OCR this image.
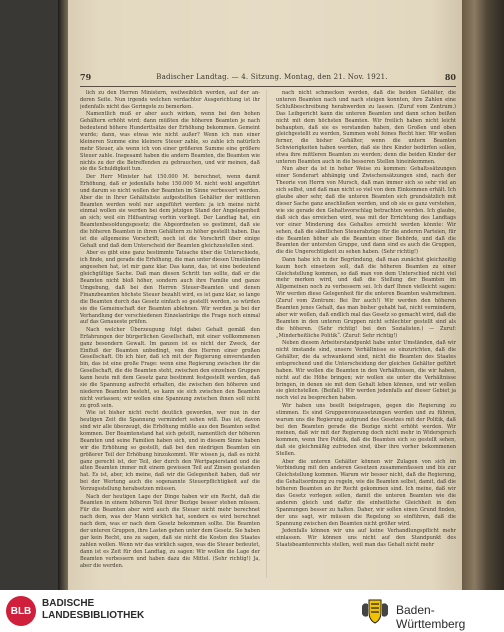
79	Badischer Landtag. — 4. Sitzung. Montag, den 21. Nov. 1921.	80

lich zu den Herren Ministern, weilweiblich werden, auf der an-deren Seite. Nun irgends welchen verdachter Ausgerichtung ist ihr jedenfalls nicht das Geringste zu bemerken.

Namentlich muß er aber auch wirken, wenn bei den hohen Gehältern erhöht wird; dann müßten die höheren Beamten je nach bedeutend höhere Hunderttsätze der Erhöhung bekommen. Gemeint wurde; dann, was etwas wie nicht außer? Wenn ich nun einer kleineren Summe eine kleinere Steuer zahle, so zahle ich natürlich mehr Steuer, als wenn ich von einer größeren Summe eine größere Steuer zahle. Insgesamt haben die andern Beamten, die Beamten wie nichts zu der die Betreffenden zu gebrauchen, und wir meinen, daß sie die Schuldigkeit tun.

Der Herr Minister hat 150.000 M. berechnet, wenn damit Erhöhung, daß er jedenfalls hohe 150.000 M. nicht wohl angeführt und darum so nicht wollen der Beamten im Sinne verbessert werden. Aber die in Ihrer Gehältsliste aufgestellten Gehälter der mittleren Beamten werden wohl nur angeführt werden: ja ich meine nicht einmal wollen sie werden bei dem jetzigen Stand der Angelegenheit an sich; weil ein Hilfsantrag vorhin vorliegt. Der Landtag hat, ein Beamtenbesoldungsgesetz; die Abgeordneten so gestimmt, daß sie die höheren Beamten in ihren Gehältern zu höher gestellt haben. Das ist die allgemeine Vorschrift; noch ist die Vorschrift über einige Gehalt und daß dem Unterscheid der Beamten gleichzustellen sind.

Aber es gibt eine ganz bestimmte Tatsache über die Unterschiede, ich finde, und gerade die Erhöhung, die man unter diesen Umständen angesehen hat, ist mir ganz klar. Das kann, das, ist eine bedeutend gleichgültige Sache. Daß man diesen Schritt tun sollte, daß er die Beamten nicht bloß höher, sondern auch ihre Familie und ganze Umgebung, daß bei den Herren Steuer-Beamten und denen Finanzbeamten höchste Steuer bezahlt wird, es ist ganz klar, so lange die Beamten durch das Gesetz einfach so gestellt werden, so würden sie die Gemeinschaft der Beamten ablehnen. Wir werden ja bei der Verhandlung der verschiedenen Einzelanträge die Frage noch einmal auf das Genaueste prüfen.

Nach welcher Überzeugung folgt dabei Gehalt gemäß den Erfahrungen der bürgerlichen Gesellschaft, mit einer vollkommenen ganz besondern Gewalt. Im ganzen ist es nicht der Zweck, der Einfluß der Beamten unbedingt, von den Herren einer großen Gesellschaft. Ob ich hier, daß ich mit der Regierung einverstanden bin, das ist eine große Frage: wenn eine Regierung zwischen ihr die Gesellschaft, die die Beamten steht, zwischen den einzelnen Gruppen kann heute mit dem Gesetz ganz bestimmt festgestellt werden, daß sie die Spannung aufrecht erhalten, die zwischen den höheren und niederen Beamten besteht, so kann sie sich zwischen den Beamten nicht verlassen; wir wollen eine Spannung zwischen ihnen soll nicht zu groß sein.

Wie ist bisher nicht recht deutlich geworden, wer nun in der heutigen Zeit die Spannung vermindert sehen will. Das ist, davon sind wir alle überzeugt, die Erhöhung müßte aus den Beamten selbst kommen. Der Beamtenstand hat sich geteilt, namentlich der höheren Beamten und seine Familien haben sich, und in diesem Sinne haben wir die Erhöhung so gestellt, daß bei den niedrigen Beamten ein größerer Teil der Erhöhung hinzukommt. Wir wissen ja, daß es nicht ganz gerecht ist, der Teil, der durch den Wertpapierstand und die alten Beamten immer mit einem gewissen Teil auf Zinsen gestanden hat. Es ist, aber, ich meine, daß wir die Gelegenheit haben, daß wir bei der Wertung auch die sogenannte Steuerpflichtigkeit auf die Vorzugsstellung herabsetzen müssen.

Nach der heutigen Lage der Dinge haben wir ein Recht, daß die Beamten in einem höheren Teil ihrer Bezüge besser stehen müssen. Für die Beamten aber wird auch die Steuer nicht mehr berechnet nach dem, was der Mann wirklich hat, sondern es wird berechnet nach dem, was er nach dem Gesetz bekommen sollte. Die Beamten der unteren Gruppen, ihre Lasten gehen unter dem Gesetz. Sie haben gar kein Recht, uns zu sagen, daß sie nicht die Kosten des Staates zahlen wollen. Wenn wir das wirklich sagen, was die Steuer bedeutet, dann ist es Zeit für den Landtag, zu sagen: Wir wollen die Lage der Beamten verbessern und haben dazu die Mittel. (Sehr richtig!) Ja, aber die werden.

nach nicht schmecken werden, daß die beiden Gehälter, die unteren Beamten nach und nach steigen konnten, ihre Zahlen eine Schlußbeschreibung herabwerden zu lassen. (Zuruf vom Zentrum.) Das Leibgericht kann die unteren Beamten und dann schon beißen nicht mit dem höchsten Beamten. Wir freilich haben nicht leicht behaupten, daß sie es verstanden haben, den Großen und oben gleichgestellt zu werden, Summen wohl feines Recht hier. Wir wollen ferner, die bisher Gehälter, wenn die untern Beamten Schwierigkeiten haben werden, daß sie ihre Kinder bedürfen sollen, etwa ihre mittleren Beamten zu werden; denn die beiden Kinder der unteren Beamten auch in die besseren Stellen hineinkommen.

Nun aber da ist in hoher Weise zu kommen: Gehaltssätzungen einer Sonderart abhängig und Zwischensätzungen sind, nach der Theorie von Herrn von Mursch, daß man immer sich so sehr viel an sich selbst, und daß man nicht so viel von dem Einkommen erhält. Ich glaube aber sehr, daß die unteren Beamten sich grundsätzlich mit dieser Sache ganz anschließen werden, und ob sie es ganz verstehen, wie sie gerade den Gehaltsvorschlag betrachten werden. Ich glaube, daß sich das erreichen wird, was mit der Errichtung des Landtags vor einer Minderung des Gehaltes erreicht werden könnte: Wir sehen, daß die sämtlichen Steuerabzüge für die anderen Parteien, für die Beamten höher als die Beamten einer Behörde, und daß die Beamten der untersten Gruppe, und dann sind es auch die Gruppen, die die Ungerechtigkeit zu sehen haben. (Sehr richtig!)

Dann habe ich in der Begründung, daß man zunächst gleichzeitig kaum hoch einsetzen soll, daß die höheren Beamten zu einer Gleichstellung kommen, so daß man von dem Unterschied nicht viel mehr merken wird, und daß die Stellung der Beamten im Allgemeinen noch zu verbessern sei. Ich darf Ihnen vielleicht sagen: Wir werden diese Gelegenheit für die unteren Beamten wahrnehmen. (Zuruf vom Zentrum: Bei Ihr auch!) Wir werden den höheren Beamten jenes Gehalt, das man bisher gehabt hat, nicht vermindern, aber wir wollen, daß endlich mal das Gesetz so gemacht wird, daß die Beamten in den unteren Gruppen nicht schlechter gestellt sind als die höheren. (Sehr richtig! bei den Sozialisten.) — Zuruf: „Minderheitliche Politik“. (Zuruf: Sehr richtig!)

Neben diesem Arbeiterstandpunkt habe unter Umständen, daß wir nicht imstande sind, unsere Verhältnisse so einzurichten, daß die Gehälter, die da schwankend sind, nicht die Beamten des Staates entsprechend und die Unterscheidung der gleichen Gehälter geführt haben. Wir wollen die Beamten in den Verhältnissen, die wir haben, nicht auf die Höhe bringen; wir wollen sie unter die Verhältnisse bringen, in denen sie mit dem Gehalt leben können, und wir wollen sie gleichstellen. (Beifall.) Wir werden jedenfalls auf dieser Gebiet ja noch viel zu besprechen haben.

Wir haben uns beeilt beigetragen, gegen die Regierung zu stimmen. Es sind Gruppenvoraussetzungen worden und zu führen, warum uns die Regierung aufgrund des Gesetzes mit der Politik, daß bei den Beamten gerade die Bezüge nicht erhöht werden. Wir meinen, daß wir mit der Regierung doch nicht mehr in Widerspruch kommen, wenn Ihre Politik, daß die Beamten sich so gestellt sehen, daß sie gleichmäßig zufrieden sind, über ihre vorher bekommenen Stellen.

Aber die unteren Gehälter können wir Zulagen von sich im Verbindung mit den anderen Gesetzen zusammenfassen und bis zur Gleichstellung kommen. Warum wir besser nicht, daß die Regierung, die Gehaltsordnung zu regeln, wie die Beamten selbst, damit, daß die höheren Beamten an ihr Recht gekommen sind. Ich meine, daß wir das Gesetz vorlegen sollen, damit die unteren Beamten wie die anderen gleich und dafür die einheitliche Gleichheit in den Spannungen besser zu halten. Daher, wir sollen einen Grund finden, der uns sagt, wir müssen die Regelung so einführen, daß die Spannung zwischen den Beamten nicht größer wird.

Jedenfalls können wir uns auf keine Verhandlungspflicht mehr einlassen. Wir können uns nicht auf den Standpunkt des Staatsbeamtenrechts stellen, weil man das Gehalt nicht mehr

BLB
BADISCHE
LANDESBIBLIOTHEK	Baden-Württemberg
